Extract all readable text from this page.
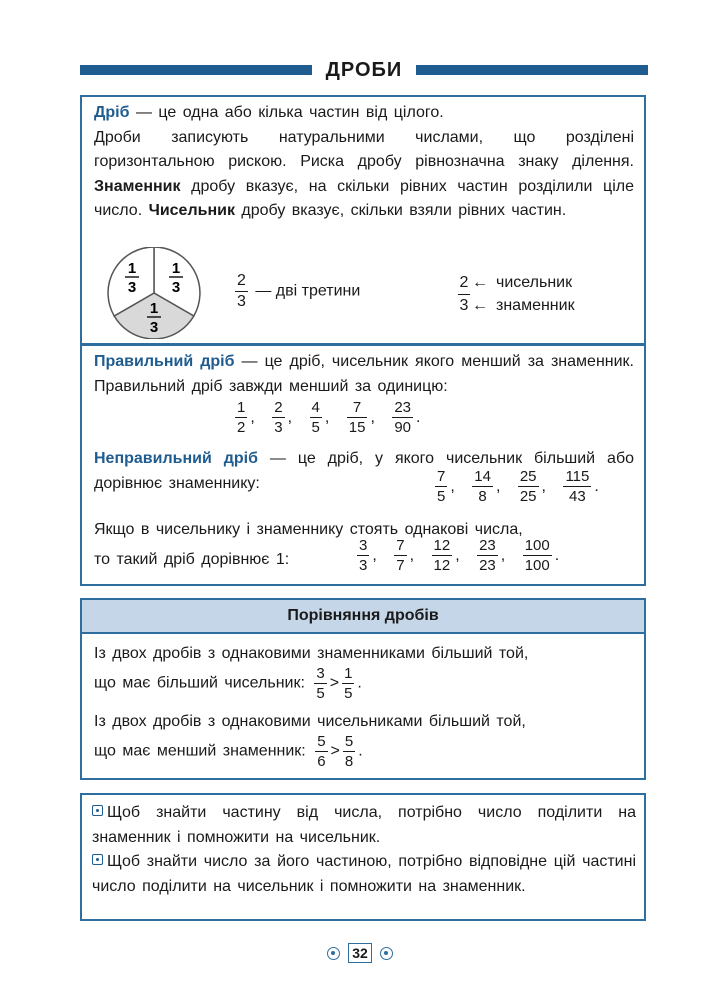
ДРОБИ
Дріб — це одна або кілька частин від цілого.
Дроби записують натуральними числами, що розділені горизонтальною рискою. Риска дробу рівнозначна знаку ділення. Знаменник дробу вказує, на скільки рівних частин розділили ціле число. Чисельник дробу вказує, скільки взяли рівних частин.
1
3
1
3
1
3
$\frac{2}{3}$ — дві третини
2 ← чисельник
3 ← знаменник
Правильний дріб — це дріб, чисельник якого менший за знаменник. Правильний дріб завжди менший за одиницю:
$\frac{1}{2}$ , $\frac{2}{3}$ , $\frac{4}{5}$ , $\frac{7}{15}$ , $\frac{23}{90}$ .
Неправильний дріб — це дріб, у якого чисельник більший або дорівнює знаменнику:	$\frac{7}{5}$ , $\frac{14}{8}$ , $\frac{25}{25}$ , $\frac{115}{43}$ .
Якщо в чисельнику і знаменнику стоять однакові числа,
то такий дріб дорівнює 1:	$\frac{3}{3}$ , $\frac{7}{7}$ , $\frac{12}{12}$ , $\frac{23}{23}$ , $\frac{100}{100}$ .
Порівняння дробів
Із двох дробів з однаковими знаменниками більший той,
що має більший чисельник: $\frac{3}{5} > \frac{1}{5}$ .
Із двох дробів з однаковими чисельниками більший той,
що має менший знаменник: $\frac{5}{6} > \frac{5}{8}$ .
Щоб знайти частину від числа, потрібно число поділити на знаменник і помножити на чисельник.
Щоб знайти число за його частиною, потрібно відповідне цій частині число поділити на чисельник і помножити на знаменник.
32
